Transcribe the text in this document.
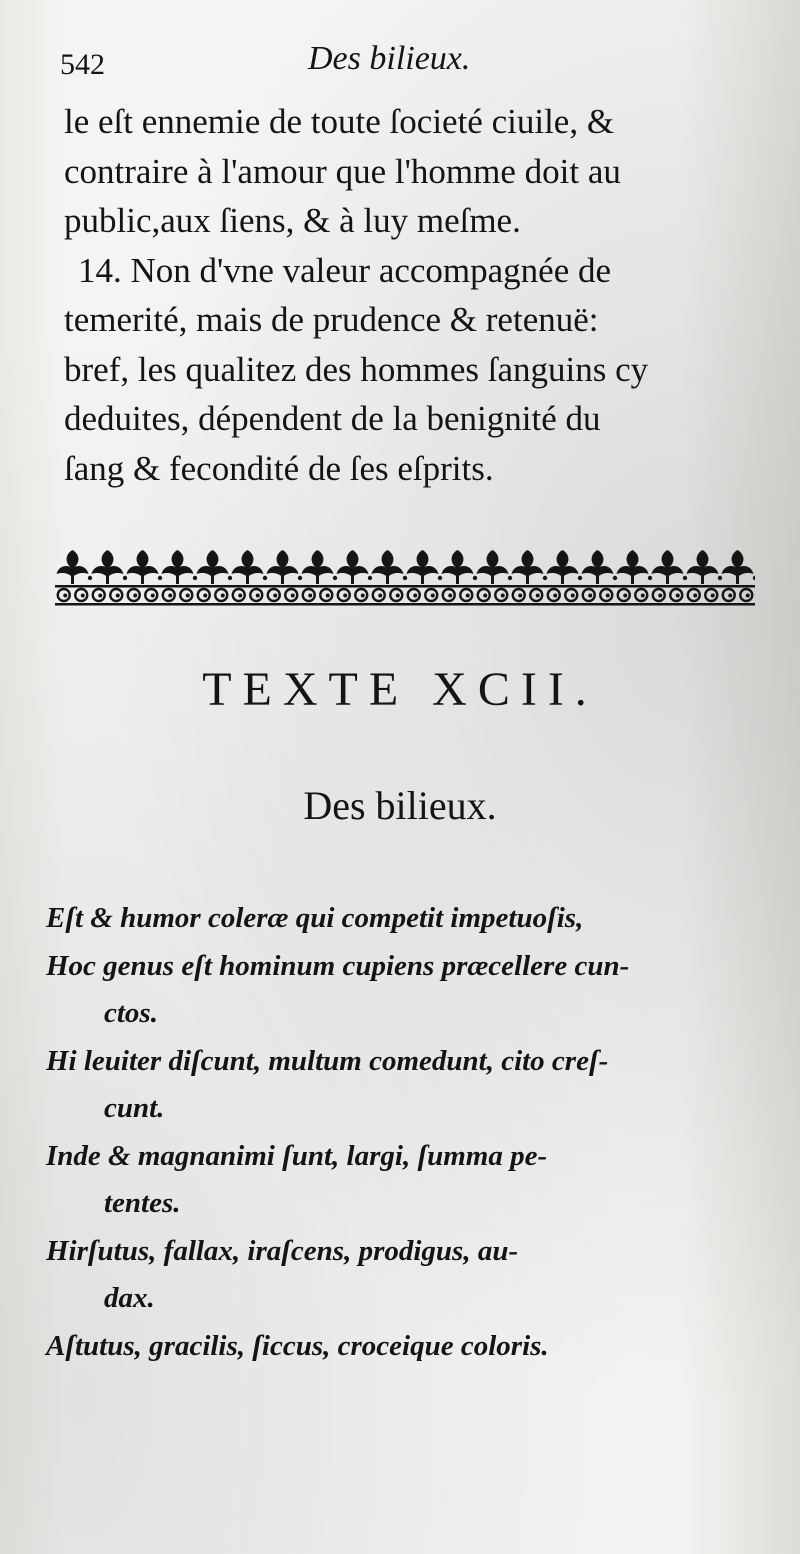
542	Des bilieux.
le eſt ennemie de toute ſocieté ciuile, &
contraire à l'amour que l'homme doit au
public,aux ſiens, & à luy meſme.
14. Non d'vne valeur accompagnée de
temerité, mais de prudence & retenuë:
bref, les qualitez des hommes ſanguins cy
deduites, dépendent de la benignité du
ſang & fecondité de ſes eſprits.
TEXTE XCII.
Des bilieux.
Eſt & humor coleræ qui competit impetuoſis,
Hoc genus eſt hominum cupiens præcellere cun-
ctos.
Hi leuiter diſcunt, multum comedunt, cito creſ-
cunt.
Inde & magnanimi ſunt, largi, ſumma pe-
tentes.
Hirſutus, fallax, iraſcens, prodigus, au-
dax.
Aſtutus, gracilis, ſiccus, croceique coloris.
